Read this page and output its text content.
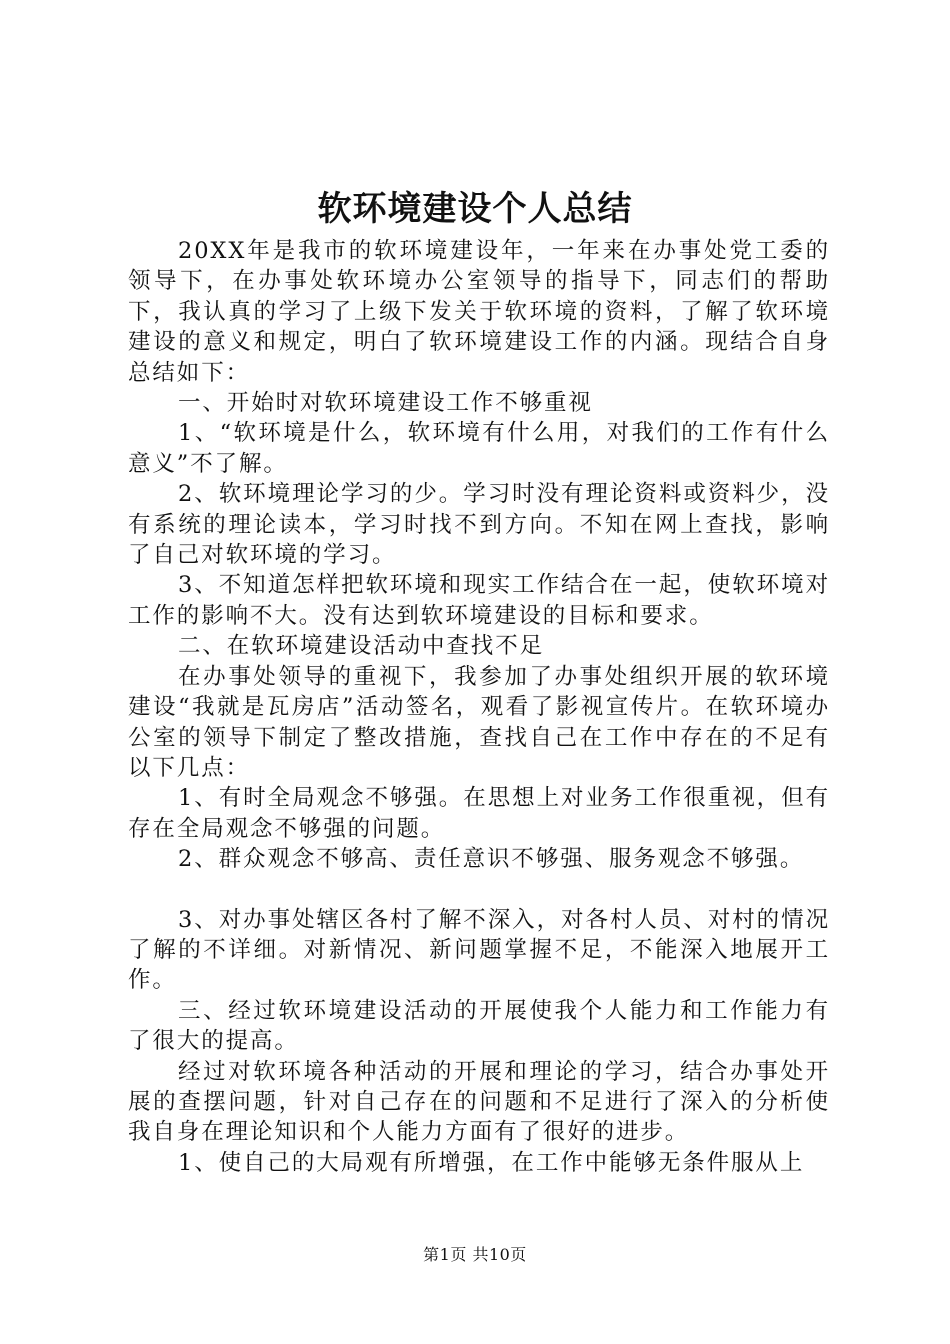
软环境建设个人总结

20XX年是我市的软环境建设年，一年来在办事处党工委的领导下，在办事处软环境办公室领导的指导下，同志们的帮助下，我认真的学习了上级下发关于软环境的资料，了解了软环境建设的意义和规定，明白了软环境建设工作的内涵。现结合自身总结如下：

一、开始时对软环境建设工作不够重视

1、“软环境是什么，软环境有什么用，对我们的工作有什么意义”不了解。

2、软环境理论学习的少。学习时没有理论资料或资料少，没有系统的理论读本，学习时找不到方向。不知在网上查找，影响了自己对软环境的学习。

3、不知道怎样把软环境和现实工作结合在一起，使软环境对工作的影响不大。没有达到软环境建设的目标和要求。

二、在软环境建设活动中查找不足

在办事处领导的重视下，我参加了办事处组织开展的软环境建设“我就是瓦房店”活动签名，观看了影视宣传片。在软环境办公室的领导下制定了整改措施，查找自己在工作中存在的不足有以下几点：

1、有时全局观念不够强。在思想上对业务工作很重视，但有存在全局观念不够强的问题。

2、群众观念不够高、责任意识不够强、服务观念不够强。

3、对办事处辖区各村了解不深入，对各村人员、对村的情况了解的不详细。对新情况、新问题掌握不足，不能深入地展开工作。

三、经过软环境建设活动的开展使我个人能力和工作能力有了很大的提高。

经过对软环境各种活动的开展和理论的学习，结合办事处开展的查摆问题，针对自己存在的问题和不足进行了深入的分析使我自身在理论知识和个人能力方面有了很好的进步。

1、使自己的大局观有所增强，在工作中能够无条件服从上

第1页 共10页
